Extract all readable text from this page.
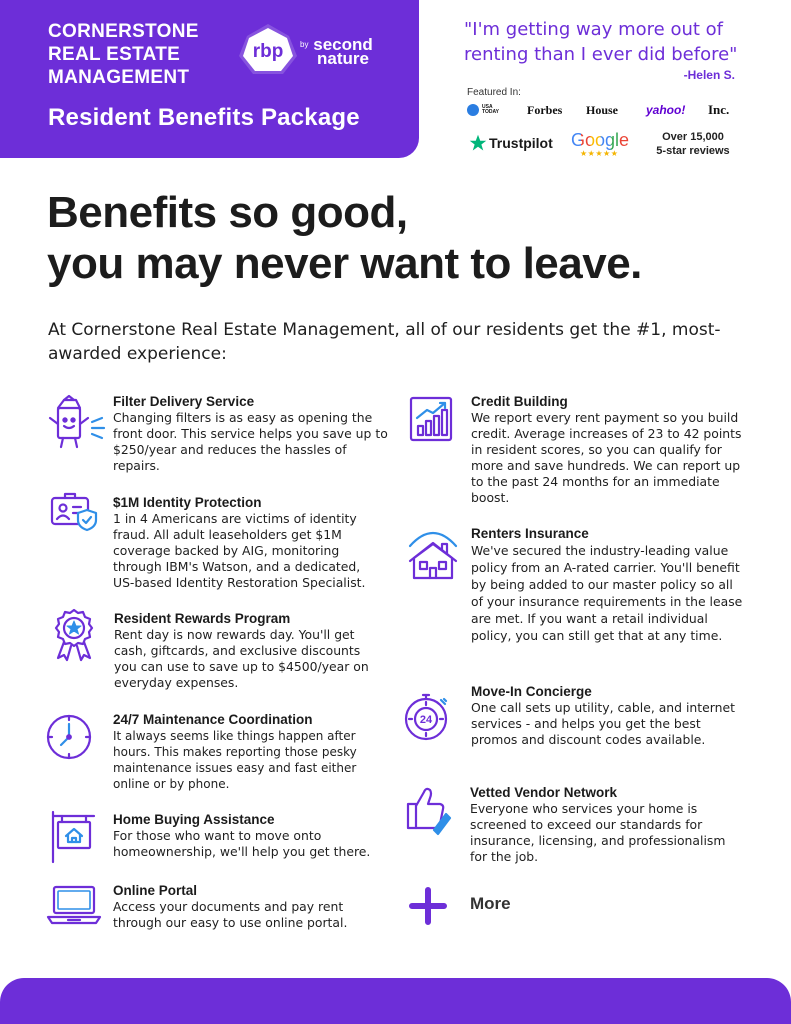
CORNERSTONE
REAL ESTATE
MANAGEMENT
rbp by second
nature
Resident Benefits Package
"I'm getting way more out of
renting than I ever did before"
-Helen S.
Featured In:
USA
TODAY Forbes House yahoo! Inc.
Trustpilot Google
★★★★★
Over 15,000
5-star reviews
Benefits so good,
you may never want to leave.
At Cornerstone Real Estate Management, all of our residents get the #1, most-awarded experience:
24
Filter Delivery Service
Changing filters is as easy as opening the front door. This service helps you save up to $250/year and reduces the hassles of repairs.
$1M Identity Protection
1 in 4 Americans are victims of identity fraud. All adult leaseholders get $1M coverage backed by AIG, monitoring through IBM's Watson, and a dedicated, US-based Identity Restoration Specialist.
Resident Rewards Program
Rent day is now rewards day. You'll get cash, giftcards, and exclusive discounts you can use to save up to $4500/year on everyday expenses.
24/7 Maintenance Coordination
It always seems like things happen after hours. This makes reporting those pesky maintenance issues easy and fast either online or by phone.
Home Buying Assistance
For those who want to move onto homeownership, we'll help you get there.
Online Portal
Access your documents and pay rent through our easy to use online portal.
Credit Building
We report every rent payment so you build credit. Average increases of 23 to 42 points in resident scores, so you can qualify for more and save hundreds. We can report up to the past 24 months for an immediate boost.
Renters Insurance
We've secured the industry-leading value policy from an A-rated carrier. You'll benefit by being added to our master policy so all of your insurance requirements in the lease are met. If you want a retail individual policy, you can still get that at any time.
Move-In Concierge
One call sets up utility, cable, and internet services - and helps you get the best promos and discount codes available.
Vetted Vendor Network
Everyone who services your home is screened to exceed our standards for insurance, licensing, and professionalism for the job.
More
